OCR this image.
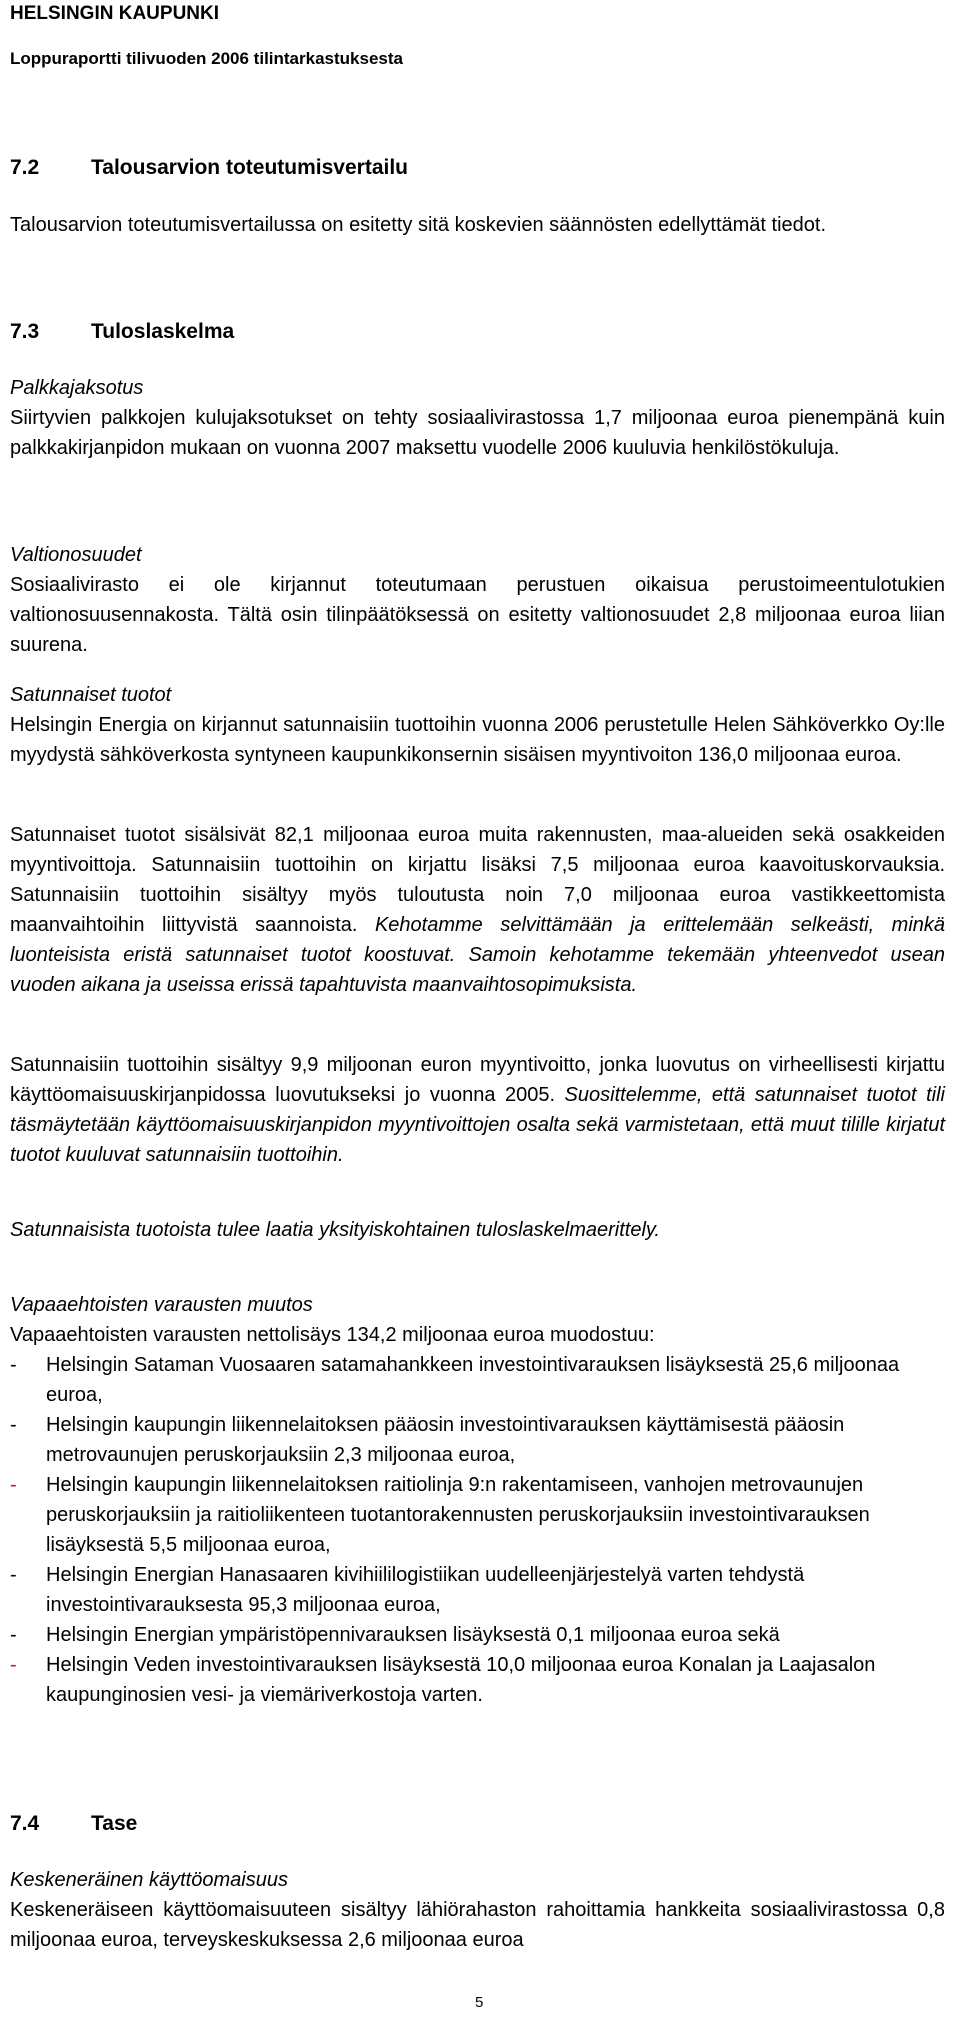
HELSINGIN KAUPUNKI
Loppuraportti tilivuoden 2006 tilintarkastuksesta
7.2 Talousarvion toteutumisvertailu
Talousarvion toteutumisvertailussa on esitetty sitä koskevien säännösten edellyttämät tiedot.
7.3 Tuloslaskelma
Palkkajaksotus
Siirtyvien palkkojen kulujaksotukset on tehty sosiaalivirastossa 1,7 miljoonaa euroa pienempänä kuin palkkakirjanpidon mukaan on vuonna 2007 maksettu vuodelle 2006 kuuluvia henkilöstökuluja.
Valtionosuudet
Sosiaalivirasto ei ole kirjannut toteutumaan perustuen oikaisua perustoimeentulotukien valtionosuusennakosta. Tältä osin tilinpäätöksessä on esitetty valtionosuudet 2,8 miljoonaa euroa liian suurena.
Satunnaiset tuotot
Helsingin Energia on kirjannut satunnaisiin tuottoihin vuonna 2006 perustetulle Helen Sähköverkko Oy:lle myydystä sähköverkosta syntyneen kaupunkikonsernin sisäisen myyntivoiton 136,0 miljoonaa euroa.
Satunnaiset tuotot sisälsivät 82,1 miljoonaa euroa muita rakennusten, maa-alueiden sekä osakkeiden myyntivoittoja. Satunnaisiin tuottoihin on kirjattu lisäksi 7,5 miljoonaa euroa kaavoituskorvauksia. Satunnaisiin tuottoihin sisältyy myös tuloutusta noin 7,0 miljoonaa euroa vastikkeettomista maanvaihtoihin liittyvistä saannoista. Kehotamme selvittämään ja erittelemään selkeästi, minkä luonteisista eristä satunnaiset tuotot koostuvat. Samoin kehotamme tekemään yhteenvedot usean vuoden aikana ja useissa erissä tapahtuvista maanvaihtosopimuksista.
Satunnaisiin tuottoihin sisältyy 9,9 miljoonan euron myyntivoitto, jonka luovutus on virheellisesti kirjattu käyttöomaisuuskirjanpidossa luovutukseksi jo vuonna 2005. Suosittelemme, että satunnaiset tuotot tili täsmäytetään käyttöomaisuuskirjanpidon myyntivoittojen osalta sekä varmistetaan, että muut tilille kirjatut tuotot kuuluvat satunnaisiin tuottoihin.
Satunnaisista tuotoista tulee laatia yksityiskohtainen tuloslaskelmaerittely.
Vapaaehtoisten varausten muutos
Vapaaehtoisten varausten nettolisäys 134,2 miljoonaa euroa muodostuu:
-	Helsingin Sataman Vuosaaren satamahankkeen investointivarauksen lisäyksestä 25,6 miljoonaa euroa,
-	Helsingin kaupungin liikennelaitoksen pääosin investointivarauksen käyttämisestä pääosin metrovaunujen peruskorjauksiin 2,3 miljoonaa euroa,
-	Helsingin kaupungin liikennelaitoksen raitiolinja 9:n rakentamiseen, vanhojen metrovaunujen peruskorjauksiin ja raitioliikenteen tuotantorakennusten peruskorjauksiin investointivarauksen lisäyksestä 5,5 miljoonaa euroa,
-	Helsingin Energian Hanasaaren kivihiililogistiikan uudelleenjärjestelyä varten tehdystä investointivarauksesta 95,3 miljoonaa euroa,
-	Helsingin Energian ympäristöpennivarauksen lisäyksestä 0,1 miljoonaa euroa sekä
-	Helsingin Veden investointivarauksen lisäyksestä 10,0 miljoonaa euroa Konalan ja Laajasalon kaupunginosien vesi- ja viemäriverkostoja varten.
7.4 Tase
Keskeneräinen käyttöomaisuus
Keskeneräiseen käyttöomaisuuteen sisältyy lähiörahaston rahoittamia hankkeita sosiaalivirastossa 0,8 miljoonaa euroa, terveyskeskuksessa 2,6 miljoonaa euroa
5
